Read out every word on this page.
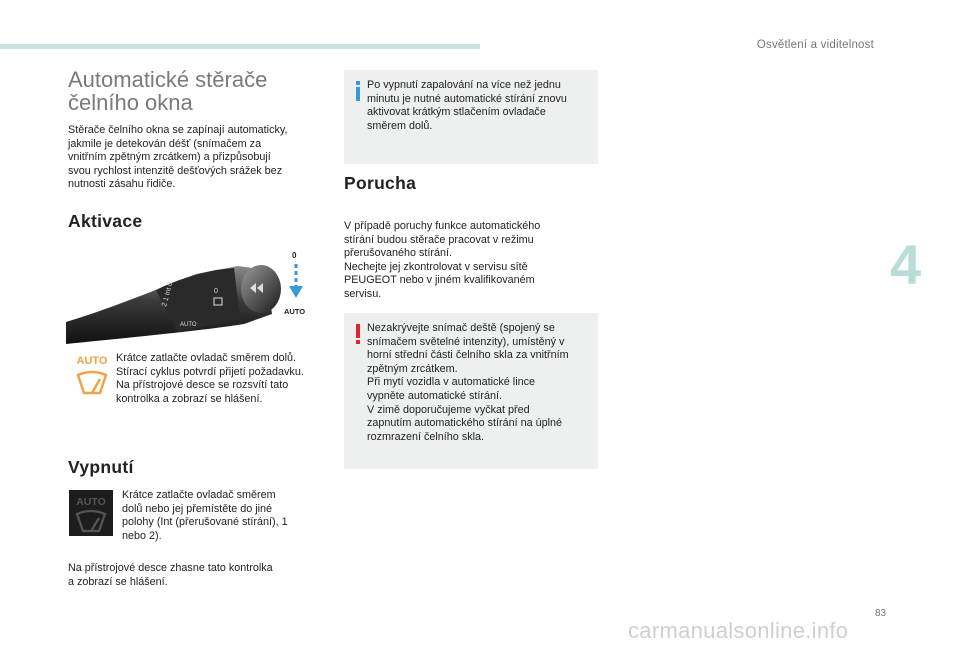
Osvětlení a viditelnost
4
83
carmanualsonline.info
Automatické stěrače
čelního okna

Stěrače čelního okna se zapínají automaticky,
jakmile je detekován déšť (snímačem za
vnitřním zpětným zrcátkem) a přizpůsobují
svou rychlost intenzitě dešťových srážek bez
nutnosti zásahu řidiče.

Aktivace
2 1 Int 0
AUTO
0
0
AUTO
AUTO Krátce zatlačte ovladač směrem dolů.
Stírací cyklus potvrdí přijetí požadavku.
Na přístrojové desce se rozsvítí tato
kontrolka a zobrazí se hlášení.

Vypnutí
AUTO

Krátce zatlačte ovladač směrem
dolů nebo jej přemístěte do jiné
polohy (Int (přerušované stírání), 1
nebo 2).

Na přístrojové desce zhasne tato kontrolka
a zobrazí se hlášení.

Po vypnutí zapalování na více než jednu
minutu je nutné automatické stírání znovu
aktivovat krátkým stlačením ovladače
směrem dolů.

Porucha

V případě poruchy funkce automatického
stírání budou stěrače pracovat v režimu
přerušovaného stírání.
Nechejte jej zkontrolovat v servisu sítě
PEUGEOT nebo v jiném kvalifikovaném
servisu.

Nezakrývejte snímač deště (spojený se
snímačem světelné intenzity), umístěný v
horní střední části čelního skla za vnitřním
zpětným zrcátkem.
Při mytí vozidla v automatické lince
vypněte automatické stírání.
V zimě doporučujeme vyčkat před
zapnutím automatického stírání na úplné
rozmrazení čelního skla.
